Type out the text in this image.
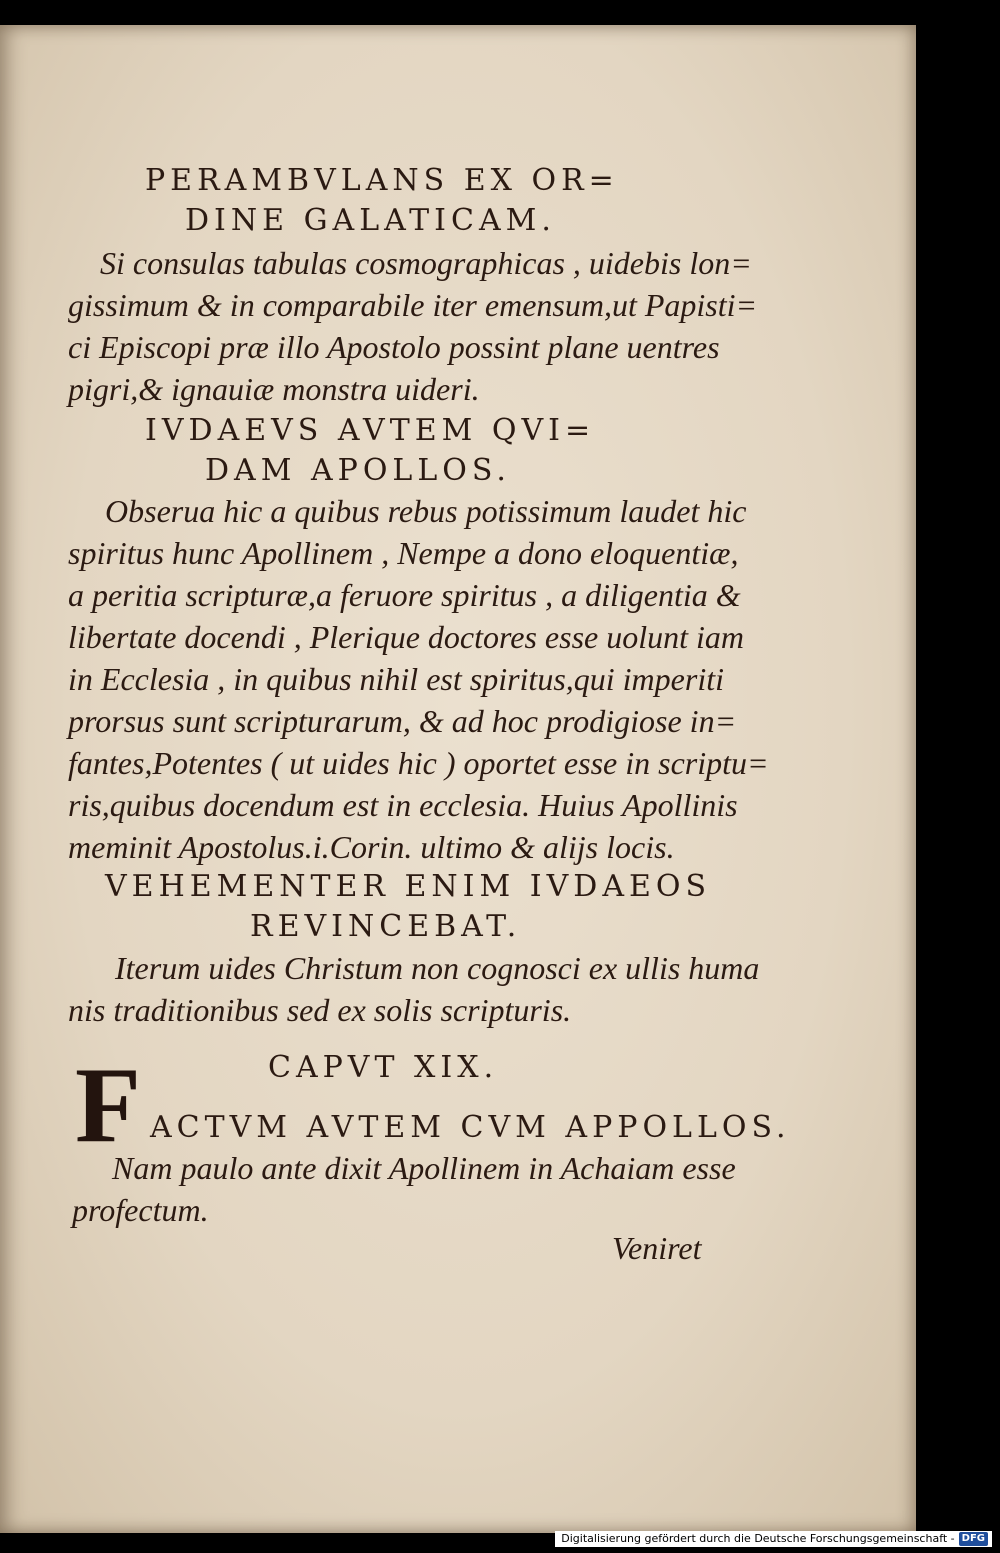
PERAMBVLANS EX OR=
DINE GALATICAM.
Si consulas tabulas cosmographicas , uidebis lon=
gissimum & in comparabile iter emensum,ut Papisti=
ci Episcopi præ illo Apostolo possint plane uentres
pigri,& ignauiæ monstra uideri.
IVDAEVS AVTEM QVI=
DAM APOLLOS.
Obserua hic a quibus rebus potissimum laudet hic
spiritus hunc Apollinem , Nempe a dono eloquentiæ,
a peritia scripturæ,a feruore spiritus , a diligentia &
libertate docendi , Plerique doctores esse uolunt iam
in Ecclesia , in quibus nihil est spiritus,qui imperiti
prorsus sunt scripturarum, & ad hoc prodigiose in=
fantes,Potentes ( ut uides hic ) oportet esse in scriptu=
ris,quibus docendum est in ecclesia. Huius Apollinis
meminit Apostolus.i.Corin. ultimo & alijs locis.
VEHEMENTER ENIM IVDAEOS
REVINCEBAT.
Iterum uides Christum non cognosci ex ullis huma
nis traditionibus sed ex solis scripturis.
F	CAPVT XIX.
ACTVM AVTEM CVM APPOLLOS.
Nam paulo ante dixit Apollinem in Achaiam esse
profectum.
Veniret
Digitalisierung gefördert durch die Deutsche Forschungsgemeinschaft - DFG
